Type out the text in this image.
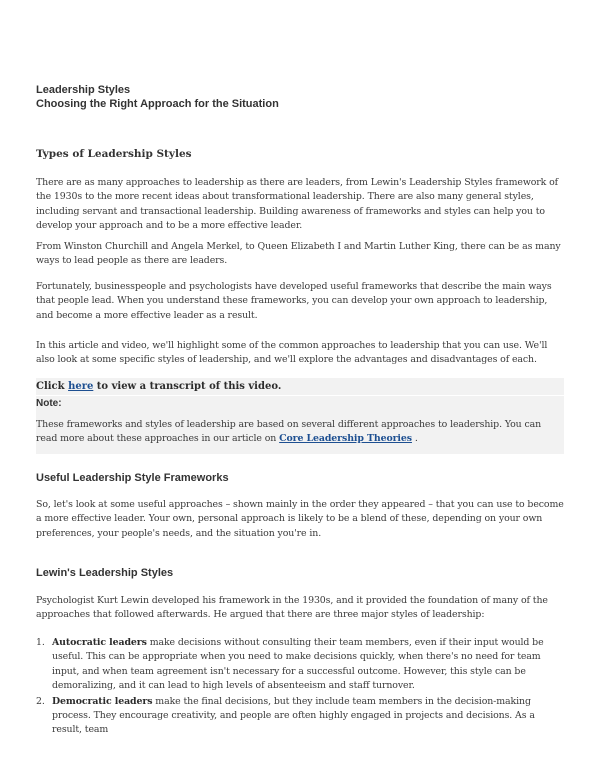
Leadership Styles
Choosing the Right Approach for the Situation
Types of Leadership Styles
There are as many approaches to leadership as there are leaders, from Lewin's Leadership Styles framework of the 1930s to the more recent ideas about transformational leadership. There are also many general styles, including servant and transactional leadership. Building awareness of frameworks and styles can help you to develop your approach and to be a more effective leader.
From Winston Churchill and Angela Merkel, to Queen Elizabeth I and Martin Luther King, there can be as many ways to lead people as there are leaders.
Fortunately, businesspeople and psychologists have developed useful frameworks that describe the main ways that people lead. When you understand these frameworks, you can develop your own approach to leadership, and become a more effective leader as a result.
In this article and video, we'll highlight some of the common approaches to leadership that you can use. We'll also look at some specific styles of leadership, and we'll explore the advantages and disadvantages of each.
Click here to view a transcript of this video.
Note:
These frameworks and styles of leadership are based on several different approaches to leadership. You can read more about these approaches in our article on Core Leadership Theories .
Useful Leadership Style Frameworks
So, let's look at some useful approaches – shown mainly in the order they appeared – that you can use to become a more effective leader. Your own, personal approach is likely to be a blend of these, depending on your own preferences, your people's needs, and the situation you're in.
Lewin's Leadership Styles
Psychologist Kurt Lewin developed his framework in the 1930s, and it provided the foundation of many of the approaches that followed afterwards. He argued that there are three major styles of leadership:
1. Autocratic leaders make decisions without consulting their team members, even if their input would be useful. This can be appropriate when you need to make decisions quickly, when there's no need for team input, and when team agreement isn't necessary for a successful outcome. However, this style can be demoralizing, and it can lead to high levels of absenteeism and staff turnover.
2. Democratic leaders make the final decisions, but they include team members in the decision-making process. They encourage creativity, and people are often highly engaged in projects and decisions. As a result, team
